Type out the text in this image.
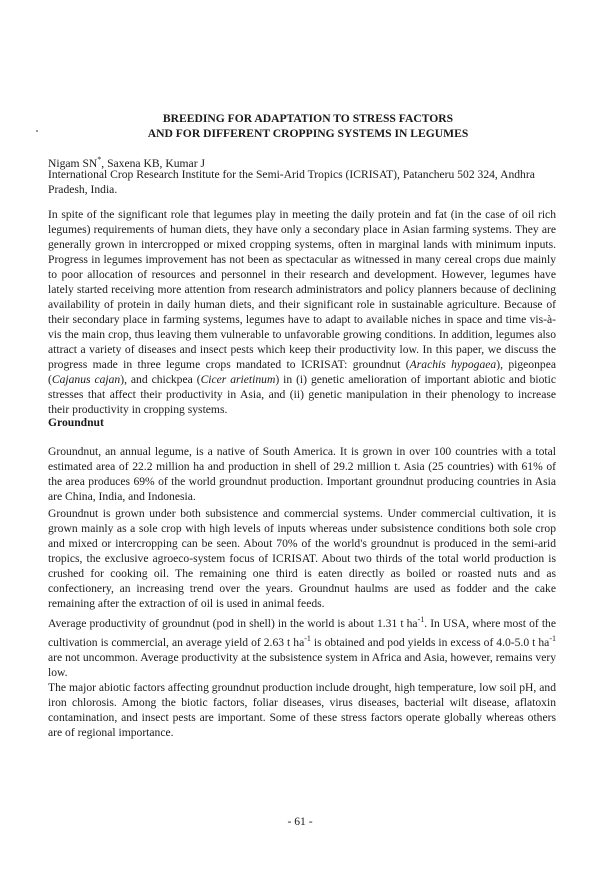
BREEDING FOR ADAPTATION TO STRESS FACTORS
AND FOR DIFFERENT CROPPING SYSTEMS IN LEGUMES
Nigam SN*, Saxena KB, Kumar J
International Crop Research Institute for the Semi-Arid Tropics (ICRISAT), Patancheru 502 324, Andhra Pradesh, India.

In spite of the significant role that legumes play in meeting the daily protein and fat (in the case of oil rich legumes) requirements of human diets, they have only a secondary place in Asian farming systems. They are generally grown in intercropped or mixed cropping systems, often in marginal lands with minimum inputs. Progress in legumes improvement has not been as spectacular as witnessed in many cereal crops due mainly to poor allocation of resources and personnel in their research and development. However, legumes have lately started receiving more attention from research administrators and policy planners because of declining availability of protein in daily human diets, and their significant role in sustainable agriculture. Because of their secondary place in farming systems, legumes have to adapt to available niches in space and time vis-à-vis the main crop, thus leaving them vulnerable to unfavorable growing conditions. In addition, legumes also attract a variety of diseases and insect pests which keep their productivity low. In this paper, we discuss the progress made in three legume crops mandated to ICRISAT: groundnut (Arachis hypogaea), pigeonpea (Cajanus cajan), and chickpea (Cicer arietinum) in (i) genetic amelioration of important abiotic and biotic stresses that affect their productivity in Asia, and (ii) genetic manipulation in their phenology to increase their productivity in cropping systems.

Groundnut

Groundnut, an annual legume, is a native of South America. It is grown in over 100 countries with a total estimated area of 22.2 million ha and production in shell of 29.2 million t. Asia (25 countries) with 61% of the area produces 69% of the world groundnut production. Important groundnut producing countries in Asia are China, India, and Indonesia.

Groundnut is grown under both subsistence and commercial systems. Under commercial cultivation, it is grown mainly as a sole crop with high levels of inputs whereas under subsistence conditions both sole crop and mixed or intercropping can be seen. About 70% of the world's groundnut is produced in the semi-arid tropics, the exclusive agroeco-system focus of ICRISAT. About two thirds of the total world production is crushed for cooking oil. The remaining one third is eaten directly as boiled or roasted nuts and as confectionery, an increasing trend over the years. Groundnut haulms are used as fodder and the cake remaining after the extraction of oil is used in animal feeds.

Average productivity of groundnut (pod in shell) in the world is about 1.31 t $ha^{-1}$. In USA, where most of the cultivation is commercial, an average yield of 2.63 t $ha^{-1}$ is obtained and pod yields in excess of 4.0-5.0 t $ha^{-1}$ are not uncommon. Average productivity at the subsistence system in Africa and Asia, however, remains very low.

The major abiotic factors affecting groundnut production include drought, high temperature, low soil pH, and iron chlorosis. Among the biotic factors, foliar diseases, virus diseases, bacterial wilt disease, aflatoxin contamination, and insect pests are important. Some of these stress factors operate globally whereas others are of regional importance.

- 61 -
